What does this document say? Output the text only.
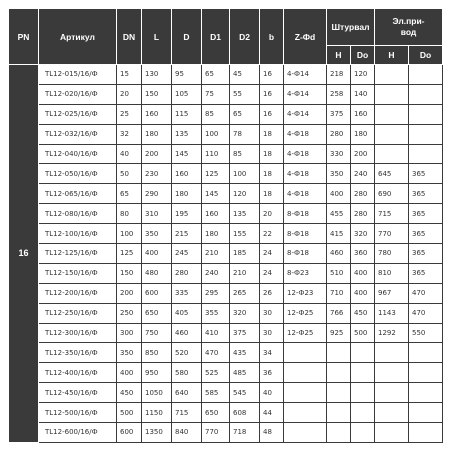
PN	Артикул	DN	L	D	D1	D2	b	Z-Фd	Штурвал		Эл.при-
вод	
									H	Do	H	Do
16	TL12-015/16/Ф	15	130	95	65	45	16	4-Ф14	218	120		
	TL12-020/16/Ф	20	150	105	75	55	16	4-Ф14	258	140		
	TL12-025/16/Ф	25	160	115	85	65	16	4-Ф14	375	160		
	TL12-032/16/Ф	32	180	135	100	78	18	4-Ф18	280	180		
	TL12-040/16/Ф	40	200	145	110	85	18	4-Ф18	330	200		
	TL12-050/16/Ф	50	230	160	125	100	18	4-Ф18	350	240	645	365
	TL12-065/16/Ф	65	290	180	145	120	18	4-Ф18	400	280	690	365
	TL12-080/16/Ф	80	310	195	160	135	20	8-Ф18	455	280	715	365
	TL12-100/16/Ф	100	350	215	180	155	22	8-Ф18	415	320	770	365
	TL12-125/16/Ф	125	400	245	210	185	24	8-Ф18	460	360	780	365
	TL12-150/16/Ф	150	480	280	240	210	24	8-Ф23	510	400	810	365
	TL12-200/16/Ф	200	600	335	295	265	26	12-Ф23	710	400	967	470
	TL12-250/16/Ф	250	650	405	355	320	30	12-Ф25	766	450	1143	470
	TL12-300/16/Ф	300	750	460	410	375	30	12-Ф25	925	500	1292	550
	TL12-350/16/Ф	350	850	520	470	435	34					
	TL12-400/16/Ф	400	950	580	525	485	36					
	TL12-450/16/Ф	450	1050	640	585	545	40					
	TL12-500/16/Ф	500	1150	715	650	608	44					
	TL12-600/16/Ф	600	1350	840	770	718	48					
